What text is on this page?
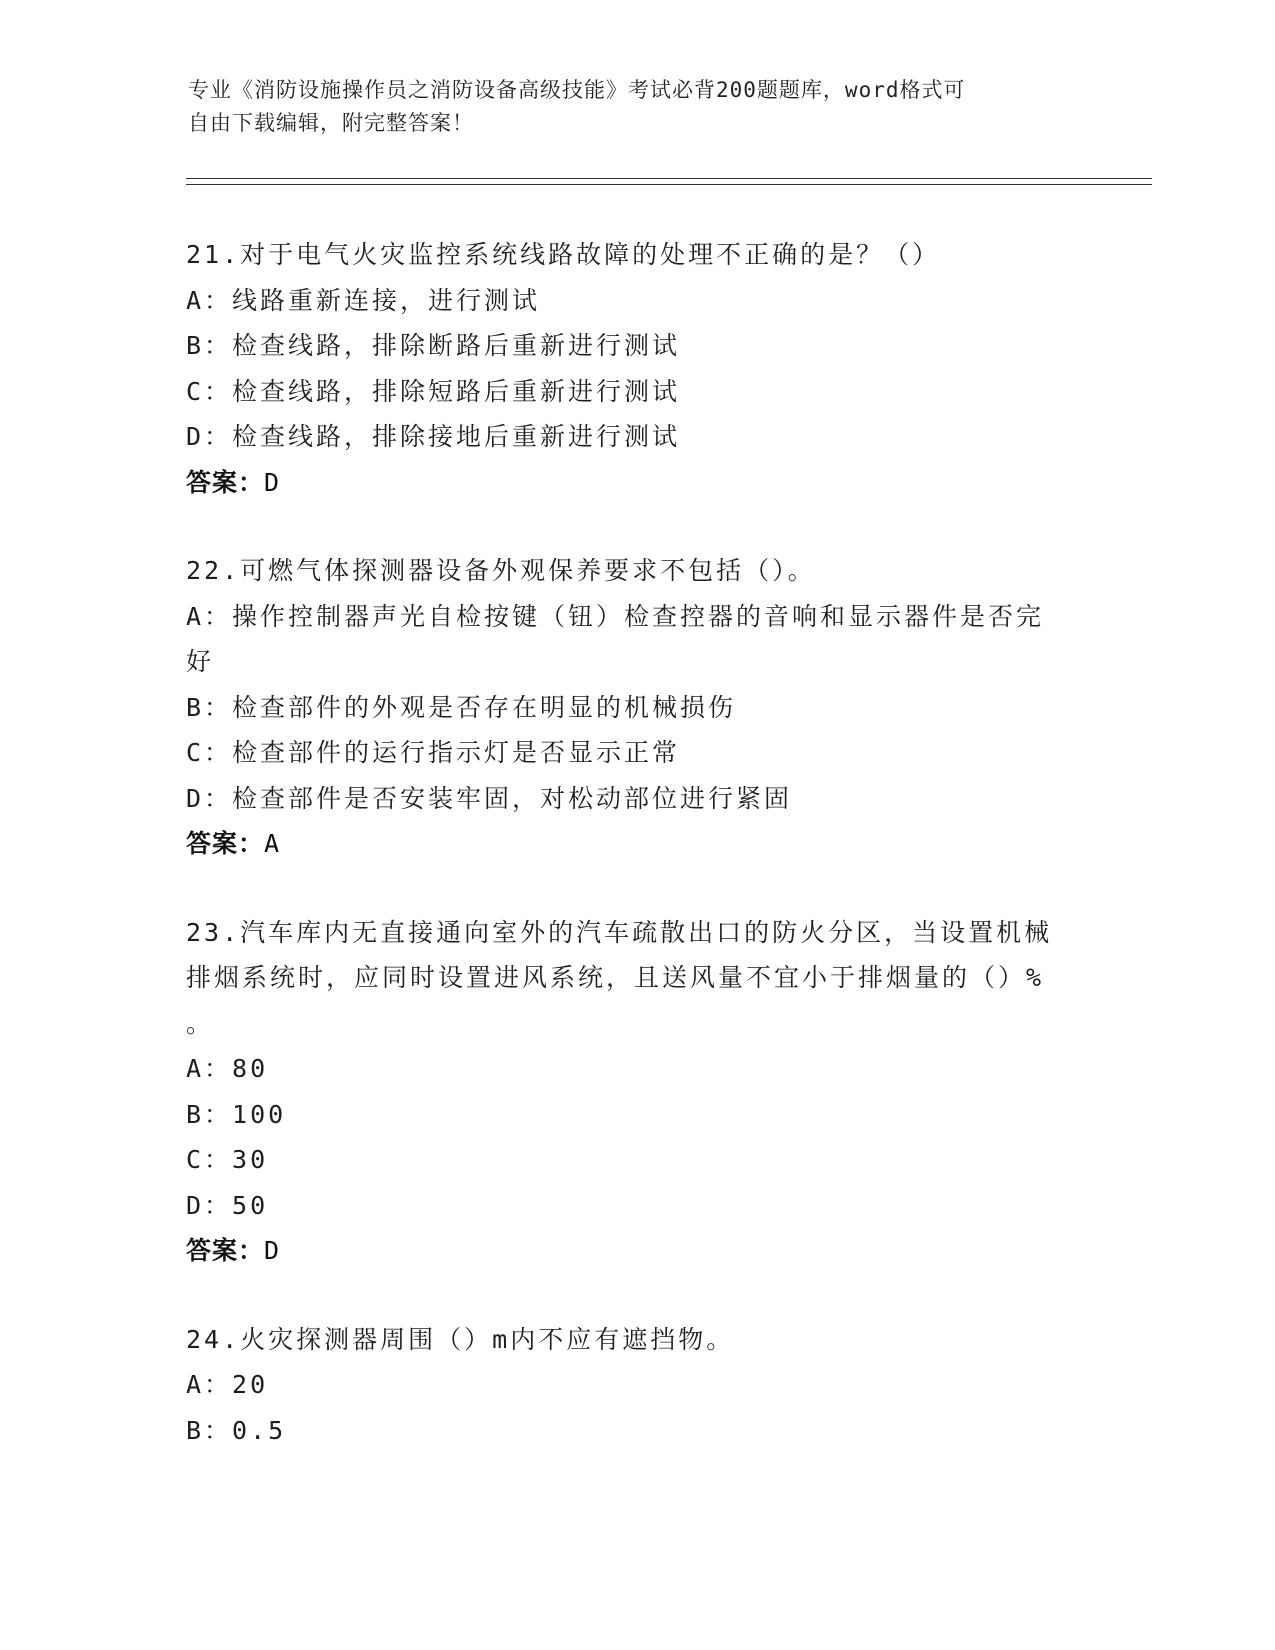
专业《消防设施操作员之消防设备高级技能》考试必背200题题库，word格式可

自由下载编辑，附完整答案！

21.对于电气火灾监控系统线路故障的处理不正确的是？（）
A：线路重新连接，进行测试
B：检查线路，排除断路后重新进行测试
C：检查线路，排除短路后重新进行测试
D：检查线路，排除接地后重新进行测试
答案：D
22.可燃气体探测器设备外观保养要求不包括（）。
A：操作控制器声光自检按键（钮）检查控器的音响和显示器件是否完
好
B：检查部件的外观是否存在明显的机械损伤
C：检查部件的运行指示灯是否显示正常
D：检查部件是否安装牢固，对松动部位进行紧固
答案：A
23.汽车库内无直接通向室外的汽车疏散出口的防火分区，当设置机械
排烟系统时，应同时设置进风系统，且送风量不宜小于排烟量的（）%
。
A：80
B：100
C：30
D：50
答案：D
24.火灾探测器周围（）m内不应有遮挡物。
A：20
B：0.5
